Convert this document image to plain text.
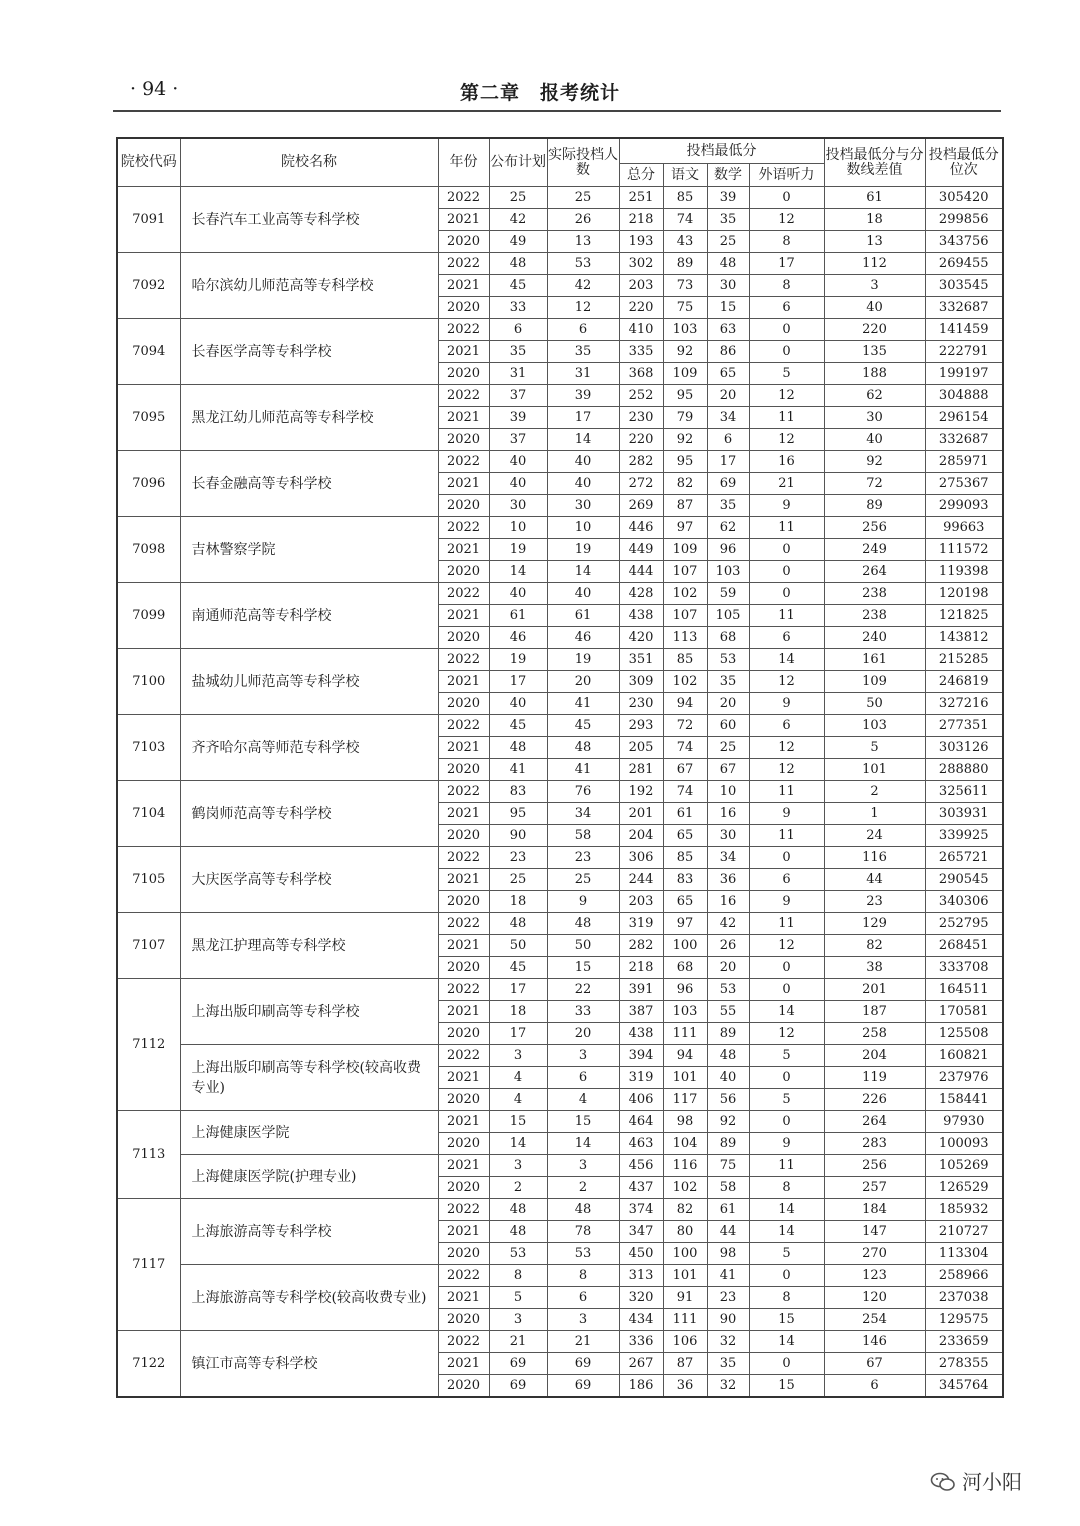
· 94 ·	第二章　报考统计
院校代码	院校名称	年份	公布计划	实际投档人数	投档最低分				投档最低分与分数线差值	投档最低分位次
					总分	语文	数学	外语听力		
7091	长春汽车工业高等专科学校	2022	25	25	251	85	39	0	61	305420
		2021	42	26	218	74	35	12	18	299856
		2020	49	13	193	43	25	8	13	343756
7092	哈尔滨幼儿师范高等专科学校	2022	48	53	302	89	48	17	112	269455
		2021	45	42	203	73	30	8	3	303545
		2020	33	12	220	75	15	6	40	332687
7094	长春医学高等专科学校	2022	6	6	410	103	63	0	220	141459
		2021	35	35	335	92	86	0	135	222791
		2020	31	31	368	109	65	5	188	199197
7095	黑龙江幼儿师范高等专科学校	2022	37	39	252	95	20	12	62	304888
		2021	39	17	230	79	34	11	30	296154
		2020	37	14	220	92	6	12	40	332687
7096	长春金融高等专科学校	2022	40	40	282	95	17	16	92	285971
		2021	40	40	272	82	69	21	72	275367
		2020	30	30	269	87	35	9	89	299093
7098	吉林警察学院	2022	10	10	446	97	62	11	256	99663
		2021	19	19	449	109	96	0	249	111572
		2020	14	14	444	107	103	0	264	119398
7099	南通师范高等专科学校	2022	40	40	428	102	59	0	238	120198
		2021	61	61	438	107	105	11	238	121825
		2020	46	46	420	113	68	6	240	143812
7100	盐城幼儿师范高等专科学校	2022	19	19	351	85	53	14	161	215285
		2021	17	20	309	102	35	12	109	246819
		2020	40	41	230	94	20	9	50	327216
7103	齐齐哈尔高等师范专科学校	2022	45	45	293	72	60	6	103	277351
		2021	48	48	205	74	25	12	5	303126
		2020	41	41	281	67	67	12	101	288880
7104	鹤岗师范高等专科学校	2022	83	76	192	74	10	11	2	325611
		2021	95	34	201	61	16	9	1	303931
		2020	90	58	204	65	30	11	24	339925
7105	大庆医学高等专科学校	2022	23	23	306	85	34	0	116	265721
		2021	25	25	244	83	36	6	44	290545
		2020	18	9	203	65	16	9	23	340306
7107	黑龙江护理高等专科学校	2022	48	48	319	97	42	11	129	252795
		2021	50	50	282	100	26	12	82	268451
		2020	45	15	218	68	20	0	38	333708
7112	上海出版印刷高等专科学校	2022	17	22	391	96	53	0	201	164511
		2021	18	33	387	103	55	14	187	170581
		2020	17	20	438	111	89	12	258	125508
	上海出版印刷高等专科学校(较高收费专业)	2022	3	3	394	94	48	5	204	160821
		2021	4	6	319	101	40	0	119	237976
		2020	4	4	406	117	56	5	226	158441
7113	上海健康医学院	2021	15	15	464	98	92	0	264	97930
		2020	14	14	463	104	89	9	283	100093
	上海健康医学院(护理专业)	2021	3	3	456	116	75	11	256	105269
		2020	2	2	437	102	58	8	257	126529
7117	上海旅游高等专科学校	2022	48	48	374	82	61	14	184	185932
		2021	48	78	347	80	44	14	147	210727
		2020	53	53	450	100	98	5	270	113304
	上海旅游高等专科学校(较高收费专业)	2022	8	8	313	101	41	0	123	258966
		2021	5	6	320	91	23	8	120	237038
		2020	3	3	434	111	90	15	254	129575
7122	镇江市高等专科学校	2022	21	21	336	106	32	14	146	233659
		2021	69	69	267	87	35	0	67	278355
		2020	69	69	186	36	32	15	6	345764
河小阳
